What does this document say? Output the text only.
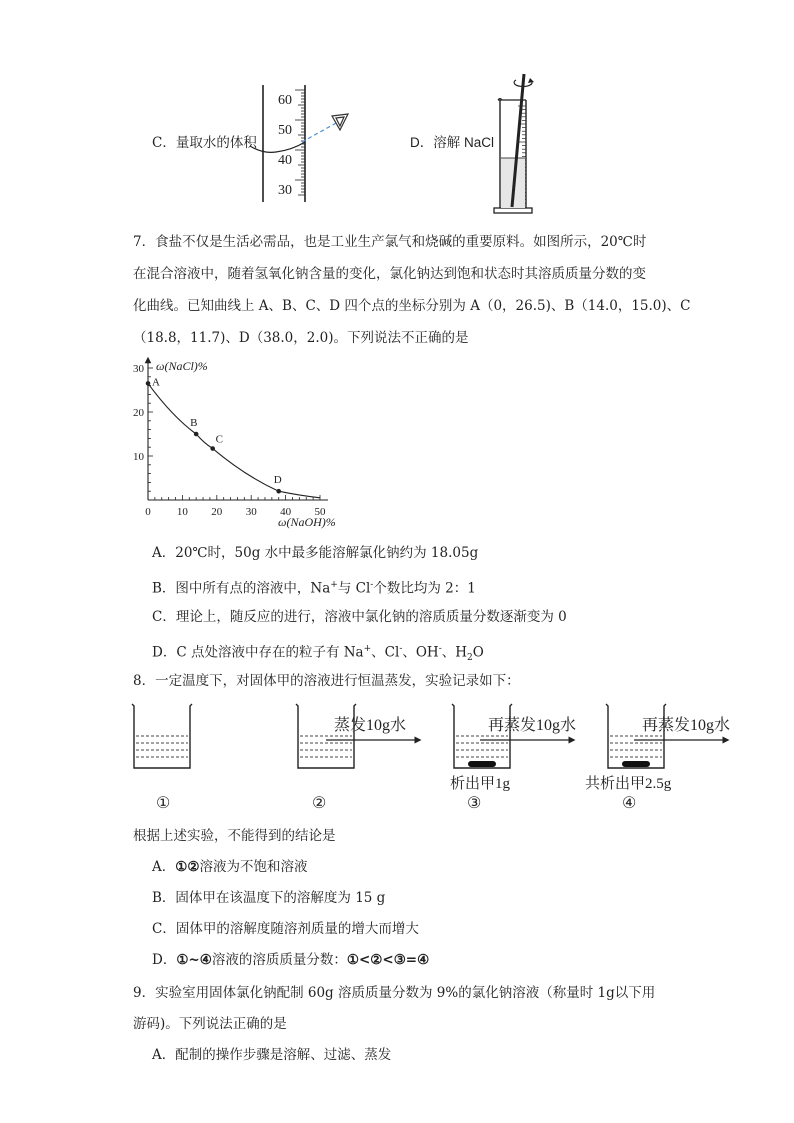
C．量取水的体积
60
50
40
30
D．溶解 NaCl
7．食盐不仅是生活必需品，也是工业生产氯气和烧碱的重要原料。如图所示，20℃时
在混合溶液中，随着氢氧化钠含量的变化，氯化钠达到饱和状态时其溶质质量分数的变
化曲线。已知曲线上 A、B、C、D 四个点的坐标分别为 A（0，26.5)、B（14.0，15.0)、C
（18.8，11.7)、D（38.0，2.0)。下列说法不正确的是
ω(NaCl)%
ω(NaOH)%
0 10 20 30 40 50
10
20
30
A
B
C
D
A．20℃时，50g 水中最多能溶解氯化钠约为 18.05g
B．图中所有点的溶液中，Na+与 Cl-个数比均为 2：1
C．理论上，随反应的进行，溶液中氯化钠的溶质质量分数逐渐变为 0
D．C 点处溶液中存在的粒子有 Na+、Cl-、OH-、$H_2O$
8．一定温度下，对固体甲的溶液进行恒温蒸发，实验记录如下：
蒸发10g水	再蒸发10g水	再蒸发10g水
析出甲1g	共析出甲2.5g
①	②	③	④
根据上述实验，不能得到的结论是
A．①②溶液为不饱和溶液
B．固体甲在该温度下的溶解度为 15 g
C．固体甲的溶解度随溶剂质量的增大而增大
D．①~④溶液的溶质质量分数：①<②<③=④
9．实验室用固体氯化钠配制 60g 溶质质量分数为 9%的氯化钠溶液（称量时 1g以下用
游码)。下列说法正确的是
A．配制的操作步骤是溶解、过滤、蒸发
